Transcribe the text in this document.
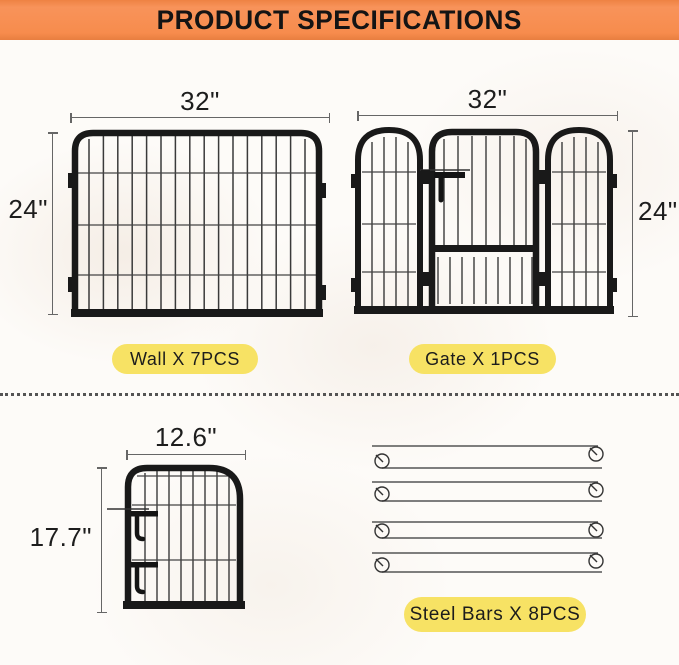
PRODUCT SPECIFICATIONS
32"
24"
Wall X 7PCS
32"
24"
Gate X 1PCS
12.6"
17.7"
Steel Bars X 8PCS
